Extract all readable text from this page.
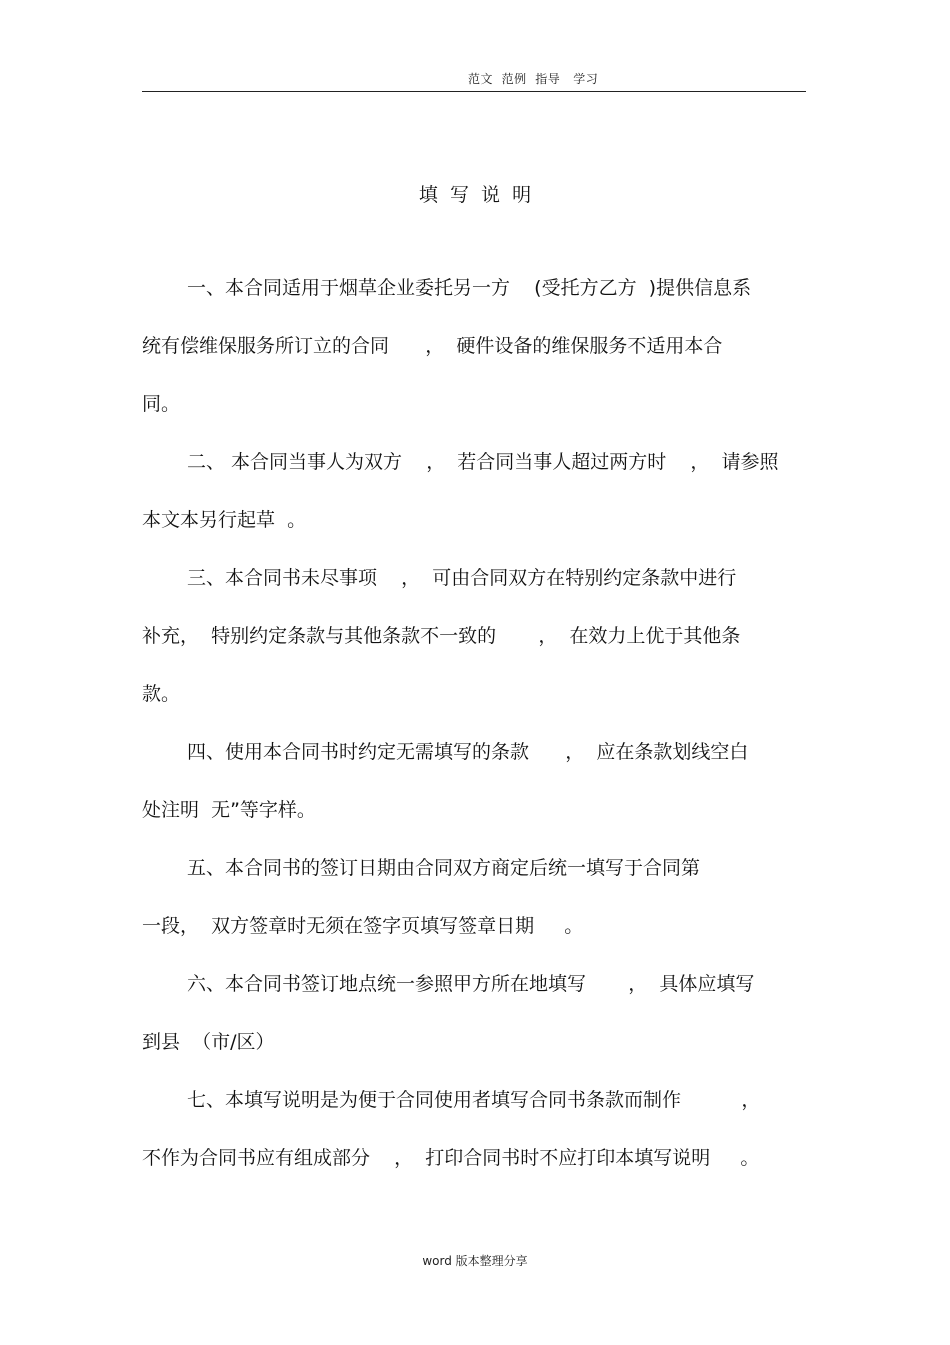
范文  范例  指导   学习
填  写  说  明
一、本合同适用于烟草企业委托另一方    (受托方乙方  )提供信息系
统有偿维保服务所订立的合同      ，  硬件设备的维保服务不适用本合
同。
二、 本合同当事人为双方    ，  若合同当事人超过两方时    ，  请参照
本文本另行起草  。
三、本合同书未尽事项    ，  可由合同双方在特别约定条款中进行
补充，  特别约定条款与其他条款不一致的       ，  在效力上优于其他条
款。
四、使用本合同书时约定无需填写的条款      ，  应在条款划线空白
处注明  无”等字样。
五、本合同书的签订日期由合同双方商定后统一填写于合同第
一段，  双方签章时无须在签字页填写签章日期     。
六、本合同书签订地点统一参照甲方所在地填写       ，  具体应填写
到县  （市/区）
七、本填写说明是为便于合同使用者填写合同书条款而制作          ，
不作为合同书应有组成部分    ，  打印合同书时不应打印本填写说明     。
word 版本整理分享
